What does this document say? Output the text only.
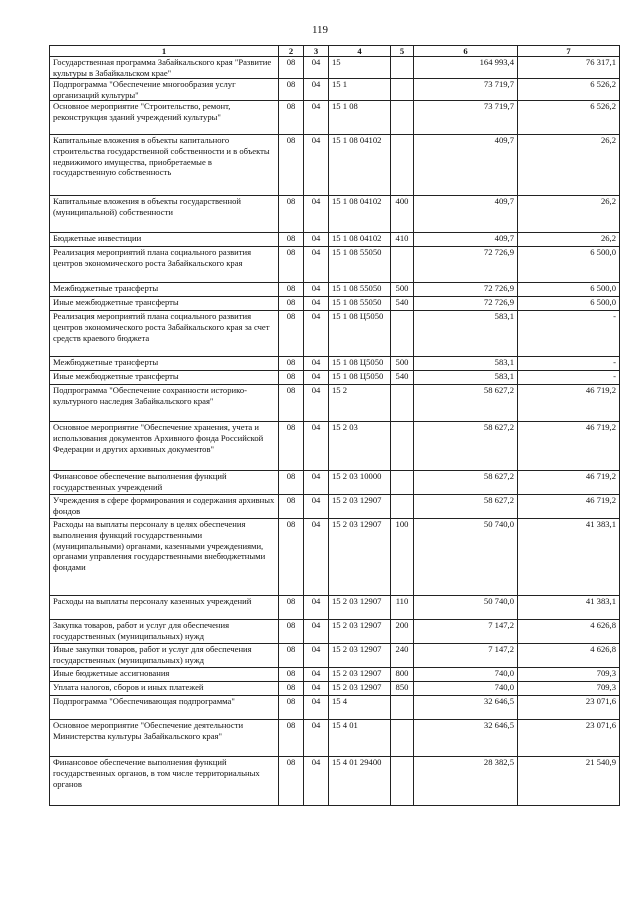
119
1	2	3	4	5	6	7
Государственная программа Забайкальского края "Развитие культуры в Забайкальском крае"	08	04	15		164 993,4	76 317,1
Подпрограмма "Обеспечение многообразия услуг организаций культуры"	08	04	15 1		73 719,7	6 526,2
Основное мероприятие "Строительство, ремонт, реконструкция зданий учреждений культуры"	08	04	15 1 08		73 719,7	6 526,2
Капитальные вложения в объекты капитального строительства государственной собственности и в объекты недвижимого имущества, приобретаемые в государственную собственность	08	04	15 1 08 04102		409,7	26,2
Капитальные вложения в объекты государственной (муниципальной) собственности	08	04	15 1 08 04102	400	409,7	26,2
Бюджетные инвестиции	08	04	15 1 08 04102	410	409,7	26,2
Реализация мероприятий плана социального развития центров экономического роста Забайкальского края	08	04	15 1 08 55050		72 726,9	6 500,0
Межбюджетные трансферты	08	04	15 1 08 55050	500	72 726,9	6 500,0
Иные межбюджетные трансферты	08	04	15 1 08 55050	540	72 726,9	6 500,0
Реализация мероприятий плана социального развития центров экономического роста Забайкальского края за счет средств краевого бюджета	08	04	15 1 08 Ц5050		583,1	-
Межбюджетные трансферты	08	04	15 1 08 Ц5050	500	583,1	-
Иные межбюджетные трансферты	08	04	15 1 08 Ц5050	540	583,1	-
Подпрограмма "Обеспечение сохранности историко-культурного наследия Забайкальского края"	08	04	15 2		58 627,2	46 719,2
Основное мероприятие "Обеспечение хранения, учета и использования документов Архивного фонда Российской Федерации и других архивных документов"	08	04	15 2 03		58 627,2	46 719,2
Финансовое обеспечение выполнения функций государственных учреждений	08	04	15 2 03 10000		58 627,2	46 719,2
Учреждения в сфере формирования и содержания архивных фондов	08	04	15 2 03 12907		58 627,2	46 719,2
Расходы на выплаты персоналу в целях обеспечения выполнения функций государственными (муниципальными) органами, казенными учреждениями, органами управления государственными внебюджетными фондами	08	04	15 2 03 12907	100	50 740,0	41 383,1
Расходы на выплаты персоналу казенных учреждений	08	04	15 2 03 12907	110	50 740,0	41 383,1
Закупка товаров, работ и услуг для обеспечения государственных (муниципальных) нужд	08	04	15 2 03 12907	200	7 147,2	4 626,8
Иные закупки товаров, работ и услуг для обеспечения государственных (муниципальных) нужд	08	04	15 2 03 12907	240	7 147,2	4 626,8
Иные бюджетные ассигнования	08	04	15 2 03 12907	800	740,0	709,3
Уплата налогов, сборов и иных платежей	08	04	15 2 03 12907	850	740,0	709,3
Подпрограмма "Обеспечивающая подпрограмма"	08	04	15 4		32 646,5	23 071,6
Основное мероприятие "Обеспечение деятельности Министерства культуры Забайкальского края"	08	04	15 4 01		32 646,5	23 071,6
Финансовое обеспечение выполнения функций государственных органов, в том числе территориальных органов	08	04	15 4 01 29400		28 382,5	21 540,9
